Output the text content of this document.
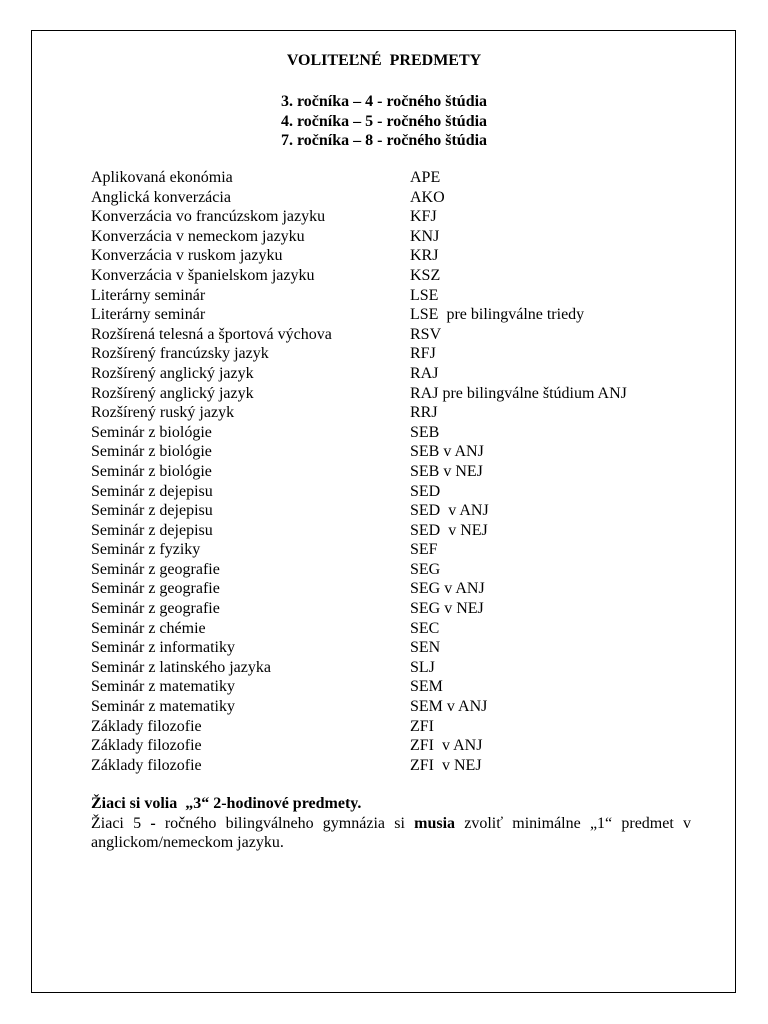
VOLITEĽNÉ  PREDMETY
3. ročníka – 4 - ročného štúdia
4. ročníka – 5 - ročného štúdia
7. ročníka – 8 - ročného štúdia
Aplikovaná ekonómia	APE
Anglická konverzácia	AKO
Konverzácia vo francúzskom jazyku	KFJ
Konverzácia v nemeckom jazyku	KNJ
Konverzácia v ruskom jazyku	KRJ
Konverzácia v španielskom jazyku	KSZ
Literárny seminár	LSE
Literárny seminár	LSE  pre bilingválne triedy
Rozšírená telesná a športová výchova	RSV
Rozšírený francúzsky jazyk	RFJ
Rozšírený anglický jazyk	RAJ
Rozšírený anglický jazyk	RAJ pre bilingválne štúdium ANJ
Rozšírený ruský jazyk	RRJ
Seminár z biológie	SEB
Seminár z biológie	SEB v ANJ
Seminár z biológie	SEB v NEJ
Seminár z dejepisu	SED
Seminár z dejepisu	SED  v ANJ
Seminár z dejepisu	SED  v NEJ
Seminár z fyziky	SEF
Seminár z geografie	SEG
Seminár z geografie	SEG v ANJ
Seminár z geografie	SEG v NEJ
Seminár z chémie	SEC
Seminár z informatiky	SEN
Seminár z latinského jazyka	SLJ
Seminár z matematiky	SEM
Seminár z matematiky	SEM v ANJ
Základy filozofie	ZFI
Základy filozofie	ZFI  v ANJ
Základy filozofie	ZFI  v NEJ
Žiaci si volia  „3“ 2-hodinové predmety.
Žiaci 5 - ročného bilingválneho gymnázia si musia zvoliť minimálne „1“ predmet v anglickom/nemeckom jazyku.
